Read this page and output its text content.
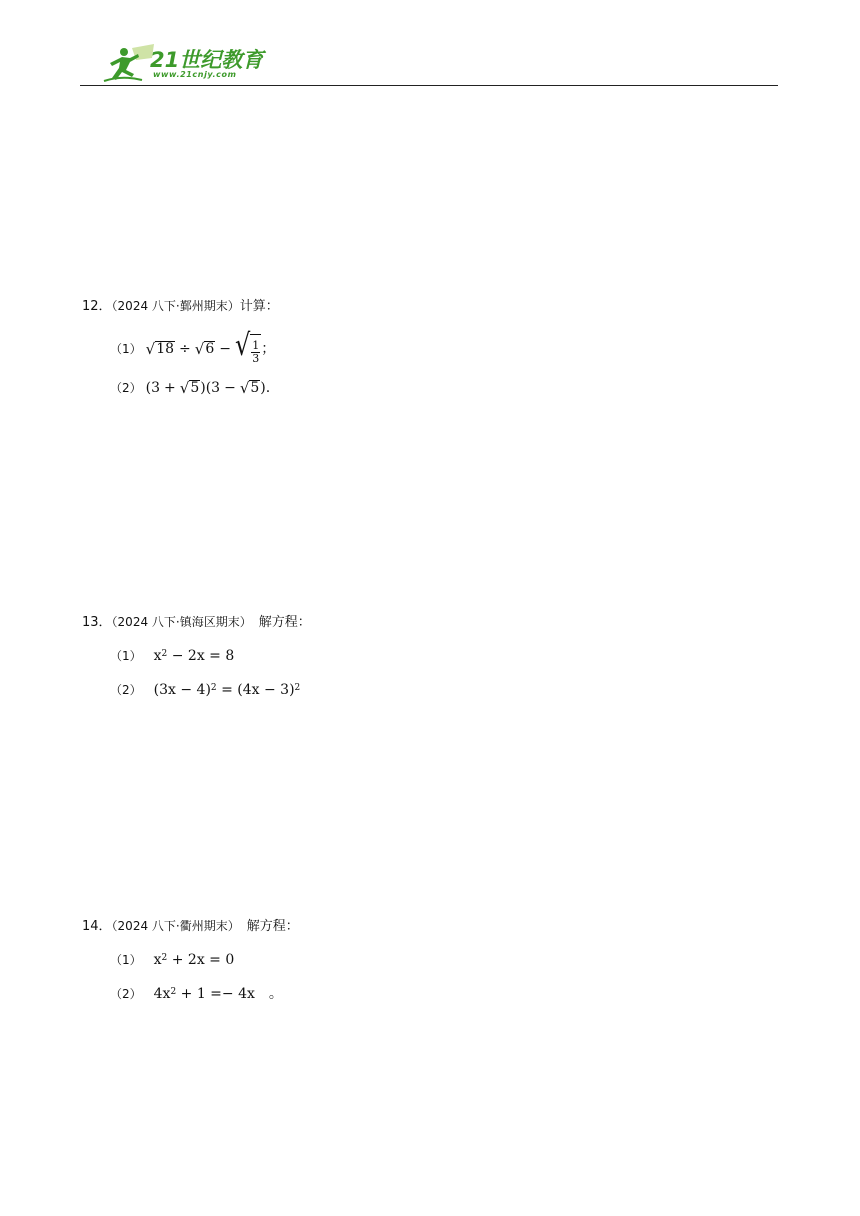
21世纪教育
www.21cnjy.com
12．（2024 八下·鄞州期末）计算：
（1） √ 18 ÷ √ 6 − √ $\frac{1}{3}$ ；
（2） (3 + √ 5 )(3 − √ 5 ) .
13．（2024 八下·镇海区期末）　解方程：
（1） $x^2 - 2x = 8$
（2） $(3x - 4)^2 = (4x - 3)^2$
14．（2024 八下·衢州期末）　解方程：
（1） $x^2 + 2x = 0$
（2） $4x^2 + 1 =- 4x$ 　。
